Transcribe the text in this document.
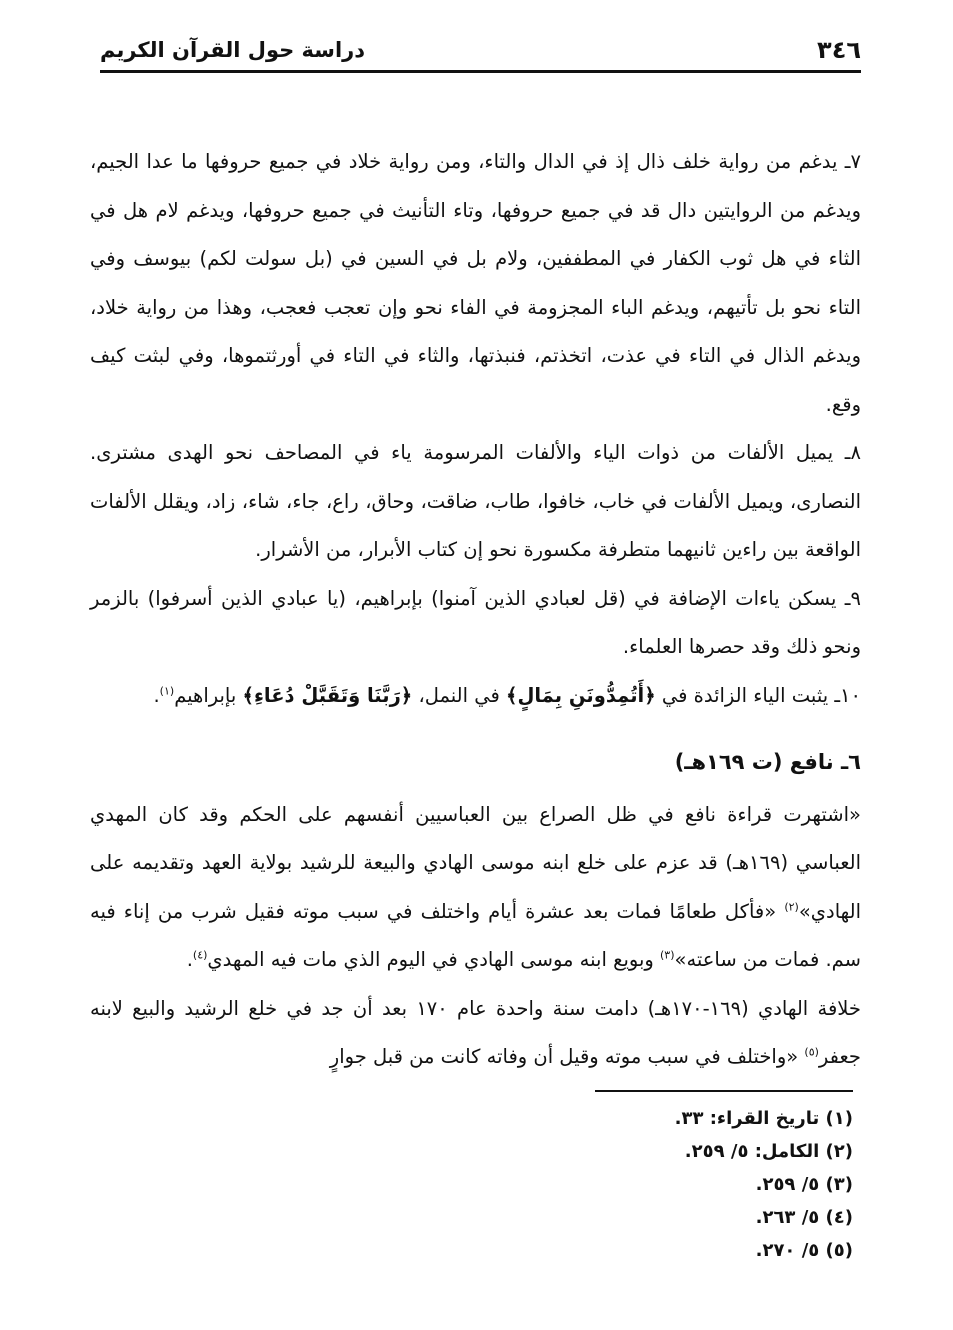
٣٤٦
دراسة حول القرآن الكريم

٧ـ يدغم من رواية خلف ذال إذ في الدال والتاء، ومن رواية خلاد في جميع حروفها ما عدا الجيم، ويدغم من الروايتين دال قد في جميع حروفها، وتاء التأنيث في جميع حروفها، ويدغم لام هل في الثاء في هل ثوب الكفار في المطففين، ولام بل في السين في (بل سولت لكم) بيوسف وفي التاء نحو بل تأتيهم، ويدغم الباء المجزومة في الفاء نحو وإن تعجب فعجب، وهذا من رواية خلاد، ويدغم الذال في التاء في عذت، اتخذتم، فنبذتها، والثاء في التاء في أورثتموها، وفي لبثت كيف وقع.

٨ـ يميل الألفات من ذوات الياء والألفات المرسومة ياء في المصاحف نحو الهدى مشترى. النصارى، ويميل الألفات في خاب، خافوا، طاب، ضاقت، وحاق، راع، جاء، شاء، زاد، ويقلل الألفات الواقعة بين راءين ثانيهما متطرفة مكسورة نحو إن كتاب الأبرار، من الأشرار.

٩ـ يسكن ياءات الإضافة في (قل لعبادي الذين آمنوا) بإبراهيم، (يا عبادي الذين أسرفوا) بالزمر ونحو ذلك وقد حصرها العلماء.

١٠ـ يثبت الياء الزائدة في ﴿أَتُمِدُّونَنِ بِمَالٍ﴾ في النمل، ﴿رَبَّنَا وَتَقَبَّلْ دُعَاءِ﴾ بإبراهيم$^{(١)}$.

٦ـ نافع (ت ١٦٩هـ)

«اشتهرت قراءة نافع في ظل الصراع بين العباسيين أنفسهم على الحكم وقد كان المهدي العباسي (١٦٩هـ) قد عزم على خلع ابنه موسى الهادي والبيعة للرشيد بولاية العهد وتقديمه على الهادي»$^{(٢)}$ «فأكل طعامًا فمات بعد عشرة أيام واختلف في سبب موته فقيل شرب من إناء فيه سم. فمات من ساعته»$^{(٣)}$ وبويع ابنه موسى الهادي في اليوم الذي مات فيه المهدي$^{(٤)}$.

خلافة الهادي (١٦٩-١٧٠هـ) دامت سنة واحدة عام ١٧٠ بعد أن جد في خلع الرشيد والبيع لابنه جعفر$^{(٥)}$ «واختلف في سبب موته وقيل أن وفاته كانت من قبل جوارٍ

(١) تاريخ القراء: ٣٣.
(٢) الكامل: ٥/ ٢٥٩.
(٣) ٥/ ٢٥٩.
(٤) ٥/ ٢٦٣.
(٥) ٥/ ٢٧٠.
